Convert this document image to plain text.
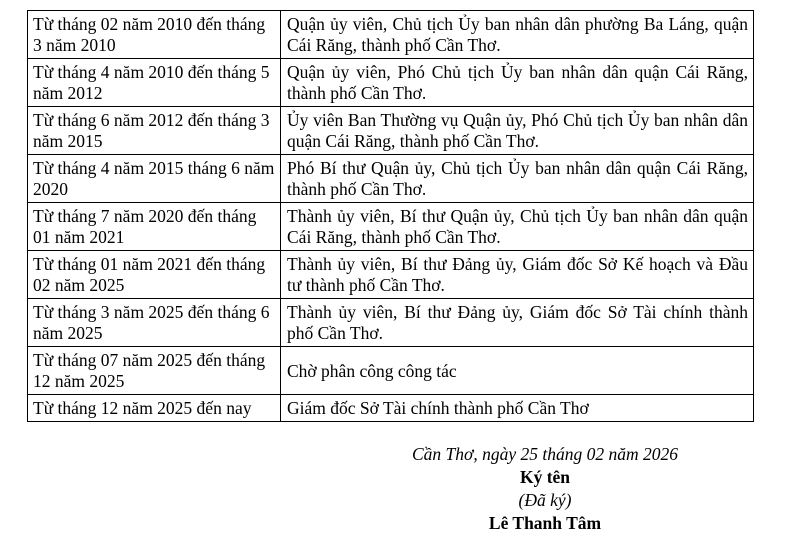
Từ tháng 02 năm 2010 đến tháng 3 năm 2010	Quận ủy viên, Chủ tịch Ủy ban nhân dân phường Ba Láng, quận Cái Răng, thành phố Cần Thơ.
Từ tháng 4 năm 2010 đến tháng 5 năm 2012	Quận ủy viên, Phó Chủ tịch Ủy ban nhân dân quận Cái Răng, thành phố Cần Thơ.
Từ tháng 6 năm 2012 đến tháng 3 năm 2015	Ủy viên Ban Thường vụ Quận ủy, Phó Chủ tịch Ủy ban nhân dân quận Cái Răng, thành phố Cần Thơ.
Từ tháng 4 năm 2015 tháng 6 năm 2020	Phó Bí thư Quận ủy, Chủ tịch Ủy ban nhân dân quận Cái Răng, thành phố Cần Thơ.
Từ tháng 7 năm 2020 đến tháng 01 năm 2021	Thành ủy viên, Bí thư Quận ủy, Chủ tịch Ủy ban nhân dân quận Cái Răng, thành phố Cần Thơ.
Từ tháng 01 năm 2021 đến tháng 02 năm 2025	Thành ủy viên, Bí thư Đảng ủy, Giám đốc Sở Kế hoạch và Đầu tư thành phố Cần Thơ.
Từ tháng 3 năm 2025 đến tháng 6 năm 2025	Thành ủy viên, Bí thư Đảng ủy, Giám đốc Sở Tài chính thành phố Cần Thơ.
Từ tháng 07 năm 2025 đến tháng 12 năm 2025	Chờ phân công công tác
Từ tháng 12 năm 2025 đến nay	Giám đốc Sở Tài chính thành phố Cần Thơ
Cần Thơ, ngày 25 tháng 02 năm 2026
Ký tên
(Đã ký)
Lê Thanh Tâm
